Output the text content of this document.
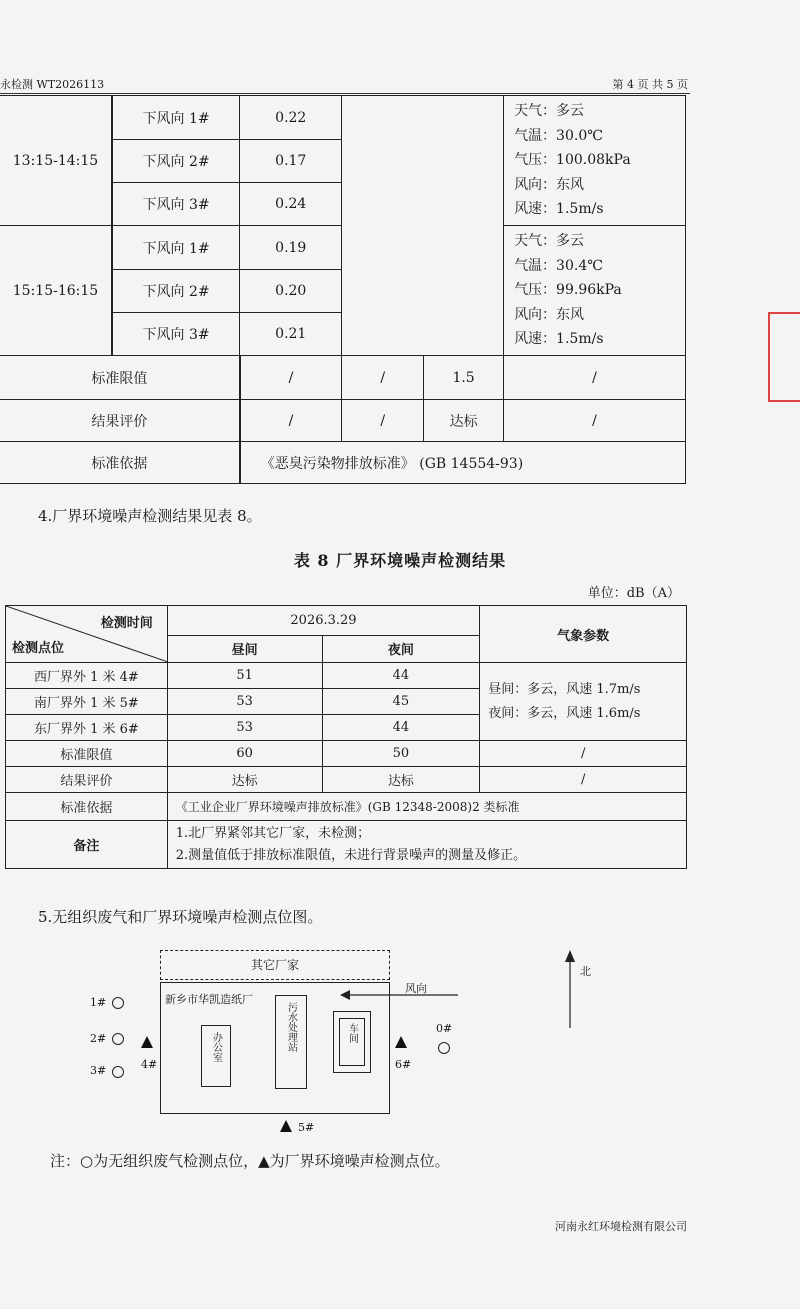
永检测 WT2026113	第 4 页 共 5 页
13:15-14:15	下风向 1#	0.22			天气：多云
气温：30.0℃
气压：100.08kPa
风向：东风
风速：1.5m/s

	下风向 2#	0.17			
	下风向 3#	0.24			
15:15-16:15	下风向 1#	0.19			天气：多云
气温：30.4℃
气压：99.96kPa
风向：东风
风速：1.5m/s

	下风向 2#	0.20			
	下风向 3#	0.21			
标准限值		/	/	1.5	/
结果评价		/	/	达标	/
标准依据		《恶臭污染物排放标准》 (GB 14554-93)			
4.厂界环境噪声检测结果见表 8。
表 8 厂界环境噪声检测结果
单位：dB（A）
检测时间
检测点位	2026.3.29		气象参数
	昼间	夜间	
西厂界外 1 米 4#	51	44	昼间：多云，风速 1.7m/s
夜间：多云，风速 1.6m/s

南厂界外 1 米 5#	53	45	
东厂界外 1 米 6#	53	44	
标准限值	60	50	/
结果评价	达标	达标	/
标准依据	《工业企业厂界环境噪声排放标准》(GB 12348-2008)2 类标准		
备注	1.北厂界紧邻其它厂家，未检测；
2.测量值低于排放标准限值，未进行背景噪声的测量及修正。		
5.无组织废气和厂界环境噪声检测点位图。
其它厂家
新乡市华凯造纸厂
办公室	污水处理站	车间
风向
北
1#
2#
3#
0#
4#	6#
5#
注：○为无组织废气检测点位，▲为厂界环境噪声检测点位。
河南永红环境检测有限公司
